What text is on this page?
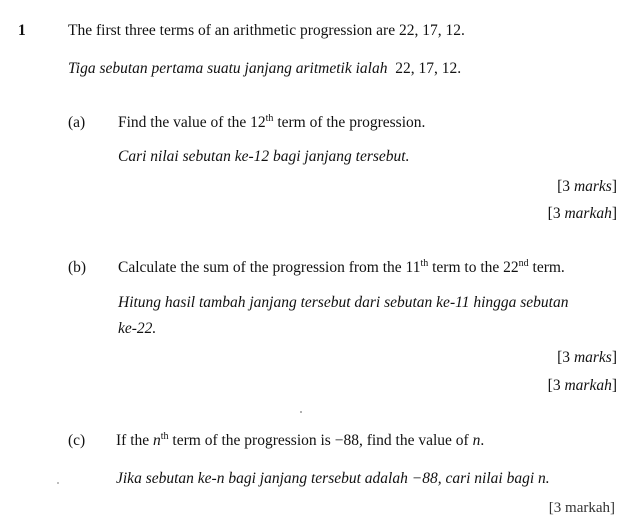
1	The first three terms of an arithmetic progression are 22, 17, 12.
Tiga sebutan pertama suatu janjang aritmetik ialah 22, 17, 12.
(a) Find the value of the 12th term of the progression.
Cari nilai sebutan ke-12 bagi janjang tersebut.
[3 marks]
[3 markah]
(b) Calculate the sum of the progression from the 11th term to the 22nd term.
Hitung hasil tambah janjang tersebut dari sebutan ke-11 hingga sebutan
ke-22.
[3 marks]
[3 markah]
(c) If the $n^{th}$ term of the progression is −88, find the value of n.
Jika sebutan ke-n bagi janjang tersebut adalah −88, cari nilai bagi n.
[3 markah]
